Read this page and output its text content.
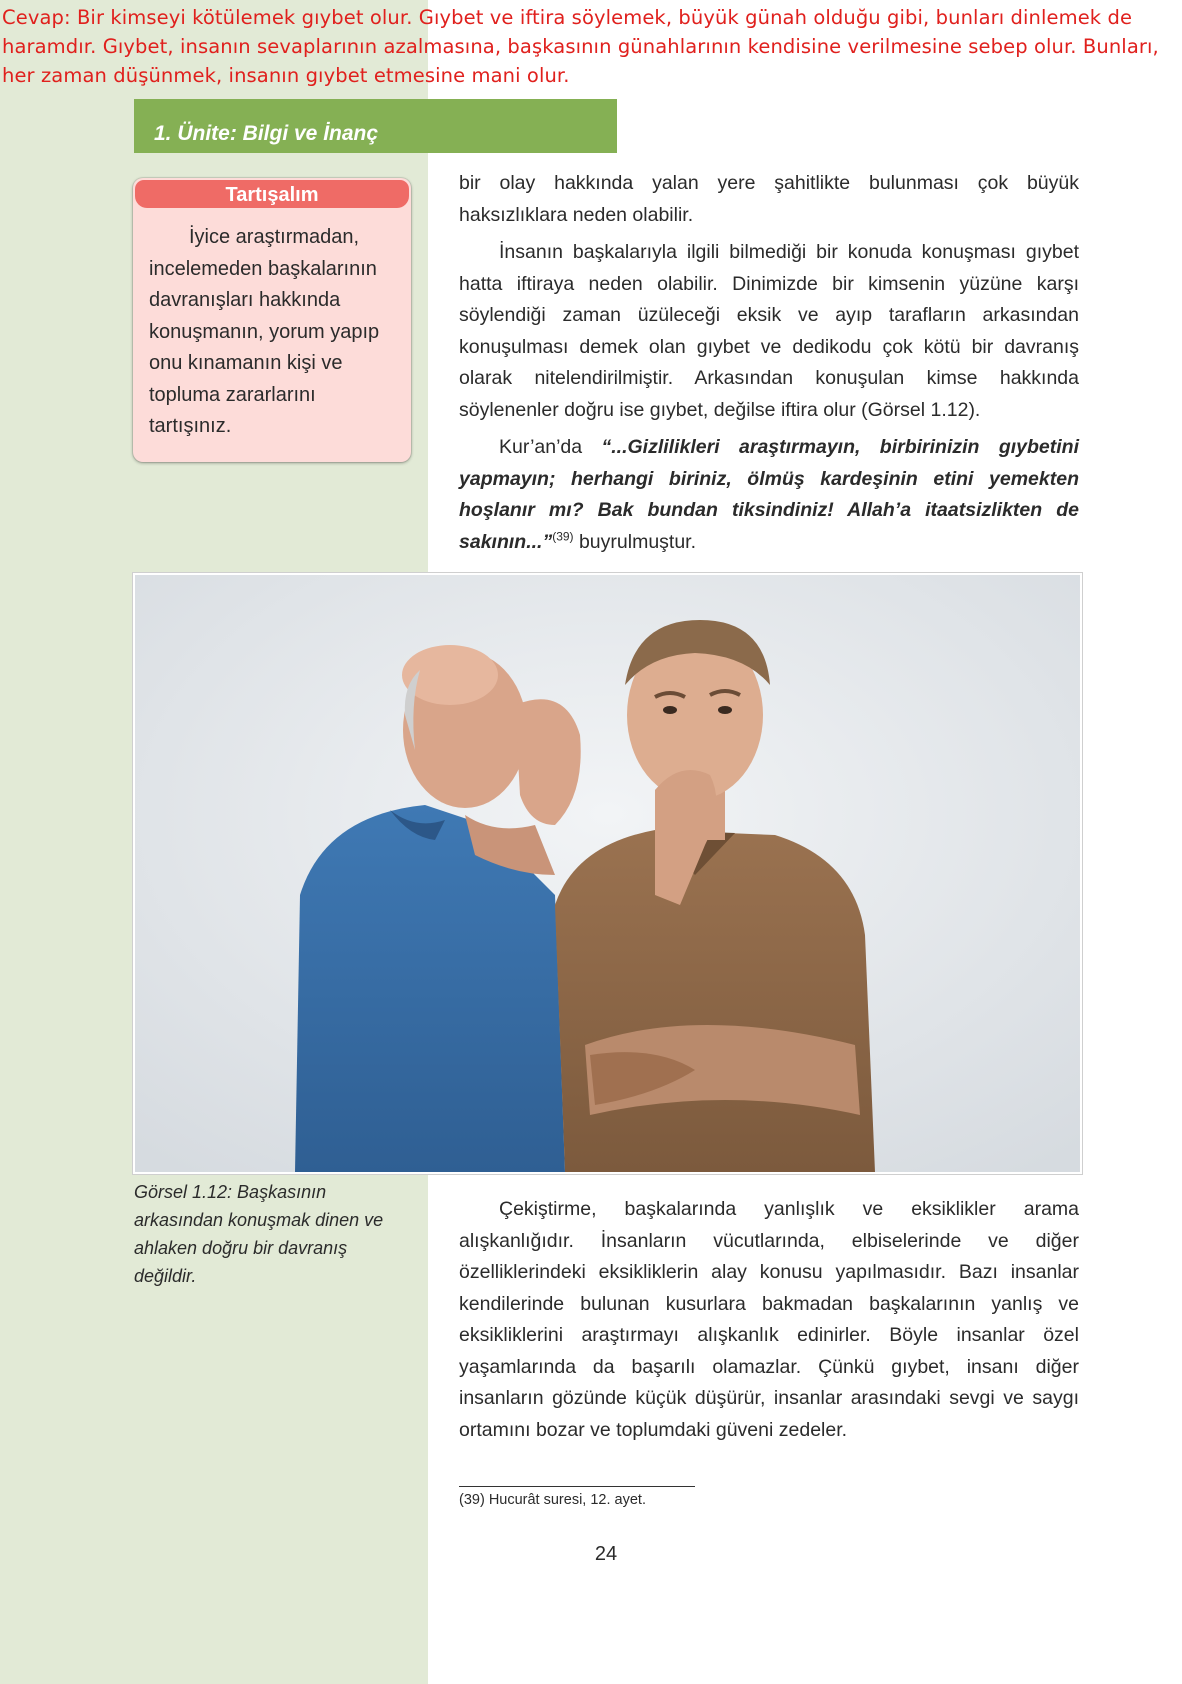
Cevap: Bir kimseyi kötülemek gıybet olur. Gıybet ve iftira söylemek, büyük günah olduğu gibi, bunları dinlemek de haramdır. Gıybet, insanın sevaplarının azalmasına, başkasının günahlarının kendisine verilmesine sebep olur. Bunları, her zaman düşünmek, insanın gıybet etmesine mani olur.
1. Ünite: Bilgi ve İnanç
Tartışalım
İyice araştırmadan, incelemeden başkalarının davranışları hakkında konuşmanın, yorum yapıp onu kınamanın kişi ve topluma zararlarını tartışınız.

bir olay hakkında yalan yere şahitlikte bulunması çok büyük haksızlıklara neden olabilir.

İnsanın başkalarıyla ilgili bilmediği bir konuda konuşması gıybet hatta iftiraya neden olabilir. Dinimizde bir kimsenin yüzüne karşı söylendiği zaman üzüleceği eksik ve ayıp tarafların arkasından konuşulması demek olan gıybet ve dedikodu çok kötü bir davranış olarak nitelendirilmiştir. Arkasından konuşulan kimse hakkında söylenenler doğru ise gıybet, değilse iftira olur (Görsel 1.12).

Kur’an’da “...Gizlilikleri araştırmayın, birbirinizin gıybetini yapmayın; herhangi biriniz, ölmüş kardeşinin etini yemekten hoşlanır mı? Bak bundan tiksindiniz! Allah’a itaatsizlikten de sakının...”$^{(39)}$ buyrulmuştur.

Görsel 1.12: Başkasının arkasından konuşmak dinen ve ahlaken doğru bir davranış değildir.

Çekiştirme, başkalarında yanlışlık ve eksiklikler arama alışkanlığıdır. İnsanların vücutlarında, elbiselerinde ve diğer özelliklerindeki eksikliklerin alay konusu yapılmasıdır. Bazı insanlar kendilerinde bulunan kusurlara bakmadan başkalarının yanlış ve eksikliklerini araştırmayı alışkanlık edinirler. Böyle insanlar özel yaşamlarında da başarılı olamazlar. Çünkü gıybet, insanı diğer insanların gözünde küçük düşürür, insanlar arasındaki sevgi ve saygı ortamını bozar ve toplumdaki güveni zedeler.

(39) Hucurât suresi, 12. ayet.
24
